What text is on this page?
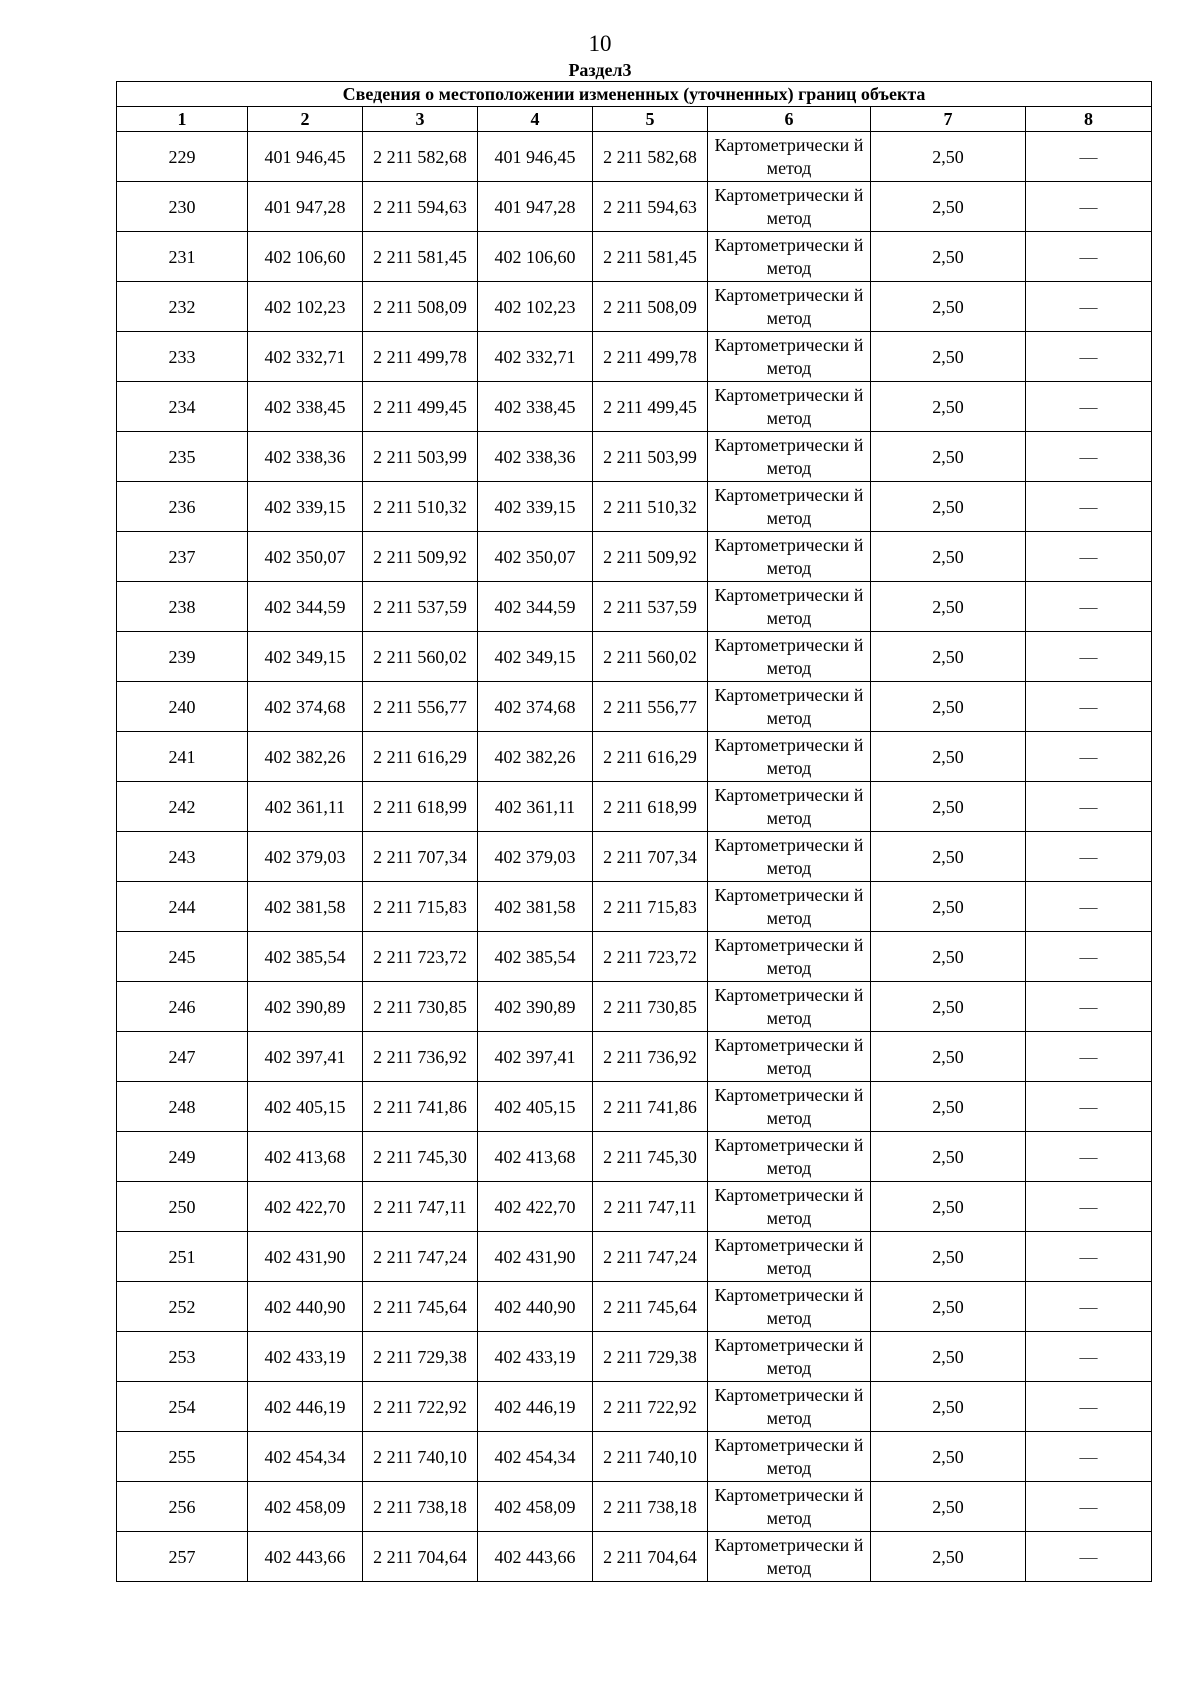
10
Раздел3
Сведения о местоположении измененных (уточненных) границ объекта							
1	2	3	4	5	6	7	8
229	401 946,45	2 211 582,68	401 946,45	2 211 582,68	Картометрически й метод	2,50	—
230	401 947,28	2 211 594,63	401 947,28	2 211 594,63	Картометрически й метод	2,50	—
231	402 106,60	2 211 581,45	402 106,60	2 211 581,45	Картометрически й метод	2,50	—
232	402 102,23	2 211 508,09	402 102,23	2 211 508,09	Картометрически й метод	2,50	—
233	402 332,71	2 211 499,78	402 332,71	2 211 499,78	Картометрически й метод	2,50	—
234	402 338,45	2 211 499,45	402 338,45	2 211 499,45	Картометрически й метод	2,50	—
235	402 338,36	2 211 503,99	402 338,36	2 211 503,99	Картометрически й метод	2,50	—
236	402 339,15	2 211 510,32	402 339,15	2 211 510,32	Картометрически й метод	2,50	—
237	402 350,07	2 211 509,92	402 350,07	2 211 509,92	Картометрически й метод	2,50	—
238	402 344,59	2 211 537,59	402 344,59	2 211 537,59	Картометрически й метод	2,50	—
239	402 349,15	2 211 560,02	402 349,15	2 211 560,02	Картометрически й метод	2,50	—
240	402 374,68	2 211 556,77	402 374,68	2 211 556,77	Картометрически й метод	2,50	—
241	402 382,26	2 211 616,29	402 382,26	2 211 616,29	Картометрически й метод	2,50	—
242	402 361,11	2 211 618,99	402 361,11	2 211 618,99	Картометрически й метод	2,50	—
243	402 379,03	2 211 707,34	402 379,03	2 211 707,34	Картометрически й метод	2,50	—
244	402 381,58	2 211 715,83	402 381,58	2 211 715,83	Картометрически й метод	2,50	—
245	402 385,54	2 211 723,72	402 385,54	2 211 723,72	Картометрически й метод	2,50	—
246	402 390,89	2 211 730,85	402 390,89	2 211 730,85	Картометрически й метод	2,50	—
247	402 397,41	2 211 736,92	402 397,41	2 211 736,92	Картометрически й метод	2,50	—
248	402 405,15	2 211 741,86	402 405,15	2 211 741,86	Картометрически й метод	2,50	—
249	402 413,68	2 211 745,30	402 413,68	2 211 745,30	Картометрически й метод	2,50	—
250	402 422,70	2 211 747,11	402 422,70	2 211 747,11	Картометрически й метод	2,50	—
251	402 431,90	2 211 747,24	402 431,90	2 211 747,24	Картометрически й метод	2,50	—
252	402 440,90	2 211 745,64	402 440,90	2 211 745,64	Картометрически й метод	2,50	—
253	402 433,19	2 211 729,38	402 433,19	2 211 729,38	Картометрически й метод	2,50	—
254	402 446,19	2 211 722,92	402 446,19	2 211 722,92	Картометрически й метод	2,50	—
255	402 454,34	2 211 740,10	402 454,34	2 211 740,10	Картометрически й метод	2,50	—
256	402 458,09	2 211 738,18	402 458,09	2 211 738,18	Картометрически й метод	2,50	—
257	402 443,66	2 211 704,64	402 443,66	2 211 704,64	Картометрически й метод	2,50	—
